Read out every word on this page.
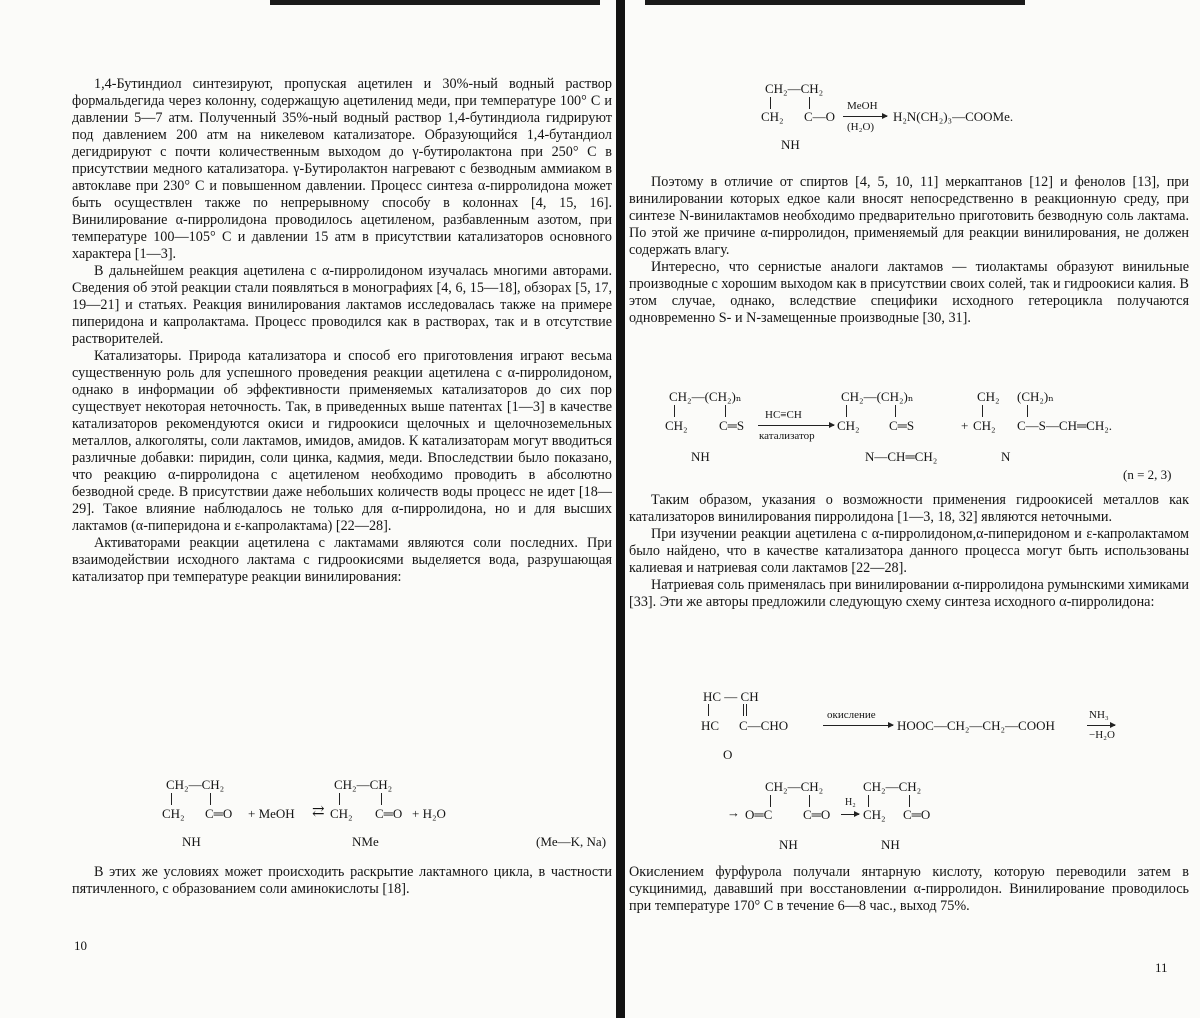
1,4-Бутиндиол синтезируют, пропуская ацетилен и 30%-ный водный раствор формальдегида через колонну, содержащую ацетиленид меди, при температуре 100° С и давлении 5—7 атм. Полученный 35%-ный водный раствор 1,4-бутиндиола гидрируют под давлением 200 атм на никелевом катализаторе. Образующийся 1,4-бутандиол дегидрируют с почти количественным выходом до γ-бутиролактона при 250° С в присутствии медного катализатора. γ-Бутиролактон нагревают с безводным аммиаком в автоклаве при 230° С и повышенном давлении. Процесс синтеза α-пирролидона может быть осуществлен также по непрерывному способу в колоннах [4, 15, 16]. Винилирование α-пирролидона проводилось ацетиленом, разбавленным азотом, при температуре 100—105° С и давлении 15 атм в присутствии катализаторов основного характера [1—3].

В дальнейшем реакция ацетилена с α-пирролидоном изучалась многими авторами. Сведения об этой реакции стали появляться в монографиях [4, 6, 15—18], обзорах [5, 17, 19—21] и статьях. Реакция винилирования лактамов исследовалась также на примере пиперидона и капролактама. Процесс проводился как в растворах, так и в отсутствие растворителей.

Катализаторы. Природа катализатора и способ его приготовления играют весьма существенную роль для успешного проведения реакции ацетилена с α-пирролидоном, однако в информации об эффективности применяемых катализаторов до сих пор существует некоторая неточность. Так, в приведенных выше патентах [1—3] в качестве катализаторов рекомендуются окиси и гидроокиси щелочных и щелочноземельных металлов, алкоголяты, соли лактамов, имидов, амидов. К катализаторам могут вводиться различные добавки: пиридин, соли цинка, кадмия, меди. Впоследствии было показано, что реакцию α-пирролидона с ацетиленом необходимо проводить в абсолютно безводной среде. В присутствии даже небольших количеств воды процесс не идет [18—29]. Такое влияние наблюдалось не только для α-пирролидона, но и для высших лактамов (α-пиперидона и ε-капролактама) [22—28].

Активаторами реакции ацетилена с лактамами являются соли последних. При взаимодействии исходного лактама с гидроокисями выделяется вода, разрушающая катализатор при температуре реакции винилирования:

CH₂—CH₂

CH₂

C═O

NH

+ MeOH

⇄

CH₂—CH₂

CH₂

C═O

NMe

+ H₂O

(Me—K, Na)

В этих же условиях может происходить раскрытие лактамного цикла, в частности пятичленного, с образованием соли аминокислоты [18].

10

CH₂—CH₂

CH₂

C—O

MeOH

(H₂O)

H₂N(CH₂)₃—COOMe.

NH

Поэтому в отличие от спиртов [4, 5, 10, 11] меркаптанов [12] и фенолов [13], при винилировании которых едкое кали вносят непосредственно в реакционную среду, при синтезе N-винилактамов необходимо предварительно приготовить безводную соль лактама. По этой же причине α-пирролидон, применяемый для реакции винилирования, не должен содержать влагу.

Интересно, что сернистые аналоги лактамов — тиолактамы образуют винильные производные с хорошим выходом как в присутствии своих солей, так и гидроокиси калия. В этом случае, однако, вследствие специфики исходного гетероцикла получаются одновременно S- и N-замещенные производные [30, 31].

CH₂—(CH₂)ₙ

CH₂

C═S

NH

HC≡CH

катализатор

CH₂—(CH₂)ₙ

CH₂

C═S

N—CH═CH₂

+

CH₂

(CH₂)ₙ

CH₂

C—S—CH═CH₂.

N

(n = 2, 3)

Таким образом, указания о возможности применения гидроокисей металлов как катализаторов винилирования пирролидона [1—3, 18, 32] являются неточными.

При изучении реакции ацетилена с α-пирролидоном,α-пиперидоном и ε-капролактамом было найдено, что в качестве катализатора данного процесса могут быть использованы калиевая и натриевая соли лактамов [22—28].

Натриевая соль применялась при винилировании α-пирролидона румынскими химиками [33]. Эти же авторы предложили следующую схему синтеза исходного α-пирролидона:

HC — CH

HC

C—CHO

O

окисление

HOOC—CH₂—CH₂—COOH

NH₃

−H₂O

→

CH₂—CH₂

O═C

C═O

NH

H₂

CH₂—CH₂

CH₂

C═O

NH

Окислением фурфурола получали янтарную кислоту, которую переводили затем в сукцинимид, дававший при восстановлении α-пирролидон. Винилирование проводилось при температуре 170° С в течение 6—8 час., выход 75%.

11
